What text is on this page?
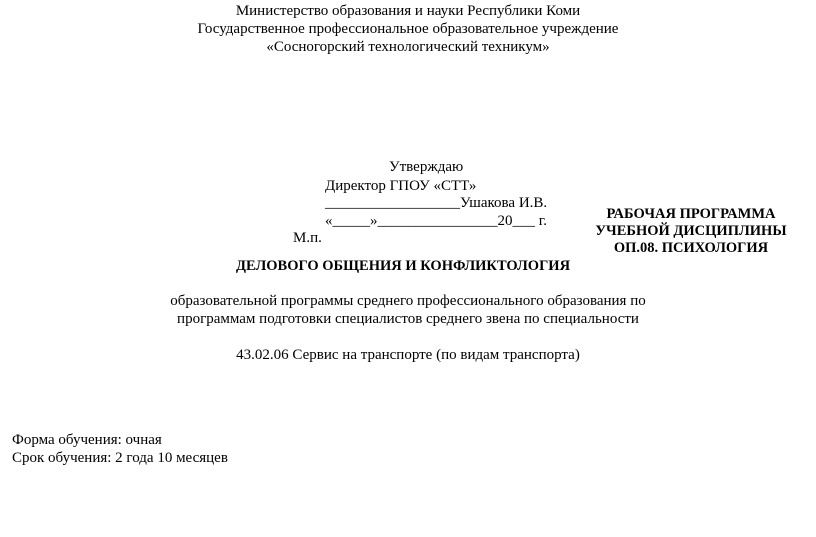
Министерство образования и науки Республики Коми
Государственное профессиональное образовательное учреждение
«Сосногорский технологический техникум»
Утверждаю
Директор ГПОУ «СТТ»
__________________Ушакова И.В.
«_____»________________20___ г.
М.п.
РАБОЧАЯ ПРОГРАММА
УЧЕБНОЙ ДИСЦИПЛИНЫ
ОП.08. ПСИХОЛОГИЯ
ДЕЛОВОГО ОБЩЕНИЯ И КОНФЛИКТОЛОГИЯ
образовательной программы среднего профессионального образования по
программам подготовки специалистов среднего звена по специальности
43.02.06 Сервис на транспорте (по видам транспорта)
Форма обучения: очная
Срок обучения: 2 года 10 месяцев
